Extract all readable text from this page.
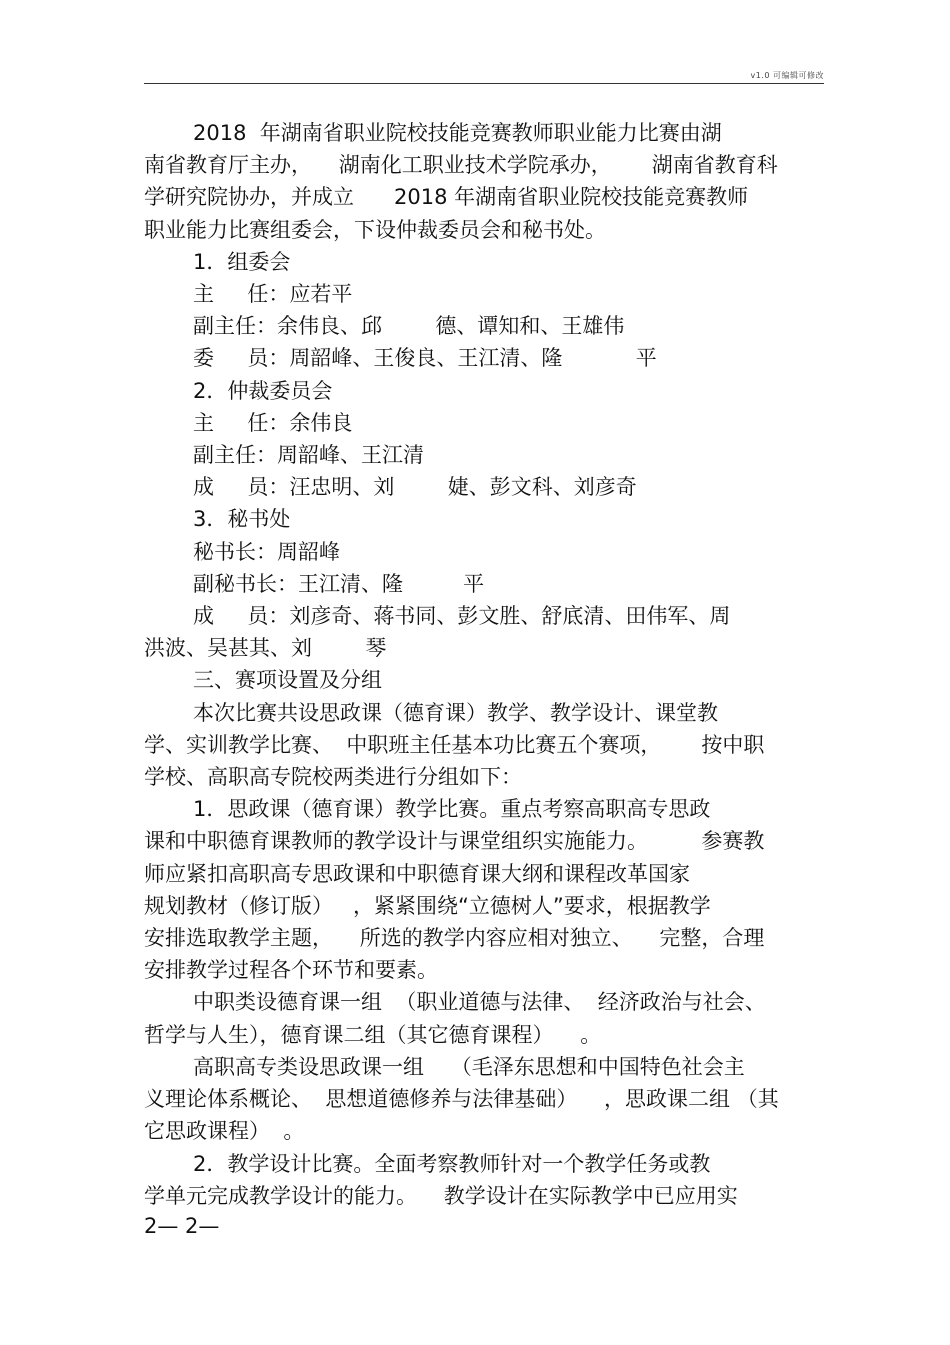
v1.0 可编辑可修改

2018  年湖南省职业院校技能竞赛教师职业能力比赛由湖

南省教育厅主办，    湖南化工职业技术学院承办，      湖南省教育科

学研究院协办，并成立      2018 年湖南省职业院校技能竞赛教师

职业能力比赛组委会，下设仲裁委员会和秘书处。

1．组委会

主     任：应若平

副主任：余伟良、邱        德、谭知和、王雄伟

委     员：周韶峰、王俊良、王江清、隆           平

2．仲裁委员会

主     任：余伟良

副主任：周韶峰、王江清

成     员：汪忠明、刘        婕、彭文科、刘彦奇

3．秘书处

秘书长：周韶峰

副秘书长：王江清、隆         平

成     员：刘彦奇、蒋书同、彭文胜、舒底清、田伟军、周

洪波、吴甚其、刘        琴

三、赛项设置及分组

本次比赛共设思政课（德育课）教学、教学设计、课堂教

学、实训教学比赛、  中职班主任基本功比赛五个赛项，      按中职

学校、高职高专院校两类进行分组如下：

1．思政课（德育课）教学比赛。重点考察高职高专思政

课和中职德育课教师的教学设计与课堂组织实施能力。        参赛教

师应紧扣高职高专思政课和中职德育课大纲和课程改革国家

规划教材（修订版）   ，紧紧围绕“立德树人”要求，根据教学

安排选取教学主题，    所选的教学内容应相对独立、    完整，合理

安排教学过程各个环节和要素。

中职类设德育课一组  （职业道德与法律、  经济政治与社会、

哲学与人生），德育课二组（其它德育课程）    。

高职高专类设思政课一组    （毛泽东思想和中国特色社会主

义理论体系概论、  思想道德修养与法律基础）    ，思政课二组 （其

它思政课程）  。

2．教学设计比赛。全面考察教师针对一个教学任务或教

学单元完成教学设计的能力。    教学设计在实际教学中已应用实

2— 2—
